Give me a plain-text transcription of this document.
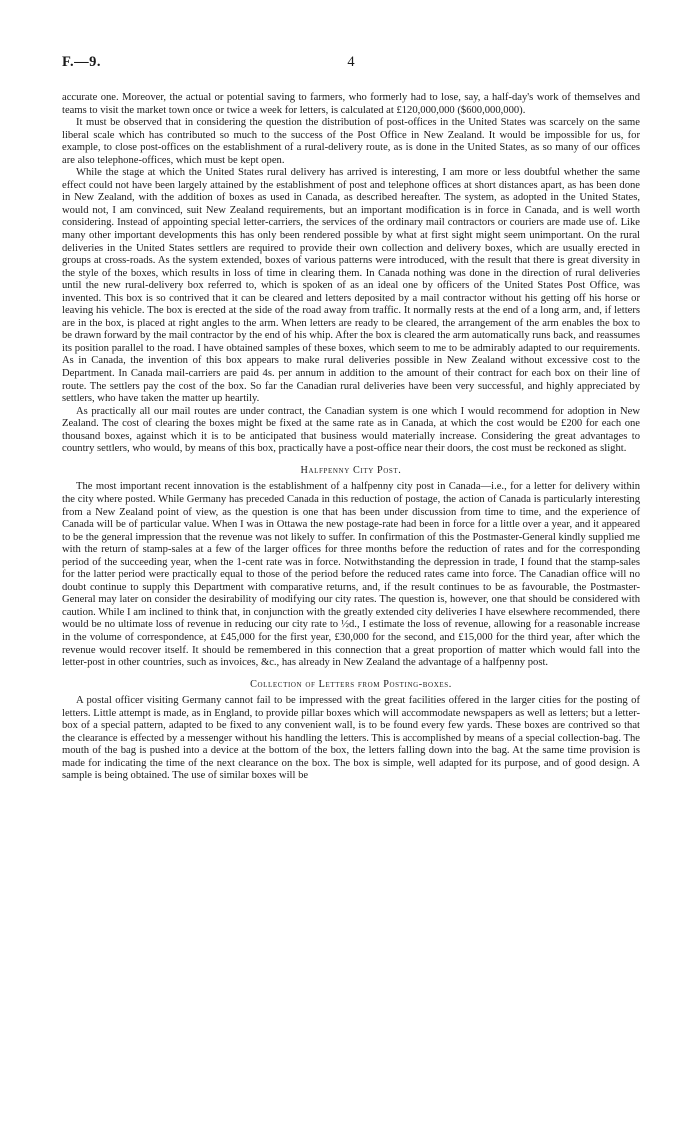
F.—9.	4

accurate one. Moreover, the actual or potential saving to farmers, who formerly had to lose, say, a half-day's work of themselves and teams to visit the market town once or twice a week for letters, is calculated at £120,000,000 ($600,000,000).

It must be observed that in considering the question the distribution of post-offices in the United States was scarcely on the same liberal scale which has contributed so much to the success of the Post Office in New Zealand. It would be impossible for us, for example, to close post-offices on the establishment of a rural-delivery route, as is done in the United States, as so many of our offices are also telephone-offices, which must be kept open.

While the stage at which the United States rural delivery has arrived is interesting, I am more or less doubtful whether the same effect could not have been largely attained by the establishment of post and telephone offices at short distances apart, as has been done in New Zealand, with the addition of boxes as used in Canada, as described hereafter. The system, as adopted in the United States, would not, I am convinced, suit New Zealand requirements, but an important modification is in force in Canada, and is well worth considering. Instead of appointing special letter-carriers, the services of the ordinary mail contractors or couriers are made use of. Like many other important developments this has only been rendered possible by what at first sight might seem unimportant. On the rural deliveries in the United States settlers are required to provide their own collection and delivery boxes, which are usually erected in groups at cross-roads. As the system extended, boxes of various patterns were introduced, with the result that there is great diversity in the style of the boxes, which results in loss of time in clearing them. In Canada nothing was done in the direction of rural deliveries until the new rural-delivery box referred to, which is spoken of as an ideal one by officers of the United States Post Office, was invented. This box is so contrived that it can be cleared and letters deposited by a mail contractor without his getting off his horse or leaving his vehicle. The box is erected at the side of the road away from traffic. It normally rests at the end of a long arm, and, if letters are in the box, is placed at right angles to the arm. When letters are ready to be cleared, the arrangement of the arm enables the box to be drawn forward by the mail contractor by the end of his whip. After the box is cleared the arm automatically runs back, and reassumes its position parallel to the road. I have obtained samples of these boxes, which seem to me to be admirably adapted to our requirements. As in Canada, the invention of this box appears to make rural deliveries possible in New Zealand without excessive cost to the Department. In Canada mail-carriers are paid 4s. per annum in addition to the amount of their contract for each box on their line of route. The settlers pay the cost of the box. So far the Canadian rural deliveries have been very successful, and highly appreciated by settlers, who have taken the matter up heartily.

As practically all our mail routes are under contract, the Canadian system is one which I would recommend for adoption in New Zealand. The cost of clearing the boxes might be fixed at the same rate as in Canada, at which the cost would be £200 for each one thousand boxes, against which it is to be anticipated that business would materially increase. Considering the great advantages to country settlers, who would, by means of this box, practically have a post-office near their doors, the cost must be reckoned as slight.

Halfpenny City Post.

The most important recent innovation is the establishment of a halfpenny city post in Canada—i.e., for a letter for delivery within the city where posted. While Germany has preceded Canada in this reduction of postage, the action of Canada is particularly interesting from a New Zealand point of view, as the question is one that has been under discussion from time to time, and the experience of Canada will be of particular value. When I was in Ottawa the new postage-rate had been in force for a little over a year, and it appeared to be the general impression that the revenue was not likely to suffer. In confirmation of this the Postmaster-General kindly supplied me with the return of stamp-sales at a few of the larger offices for three months before the reduction of rates and for the corresponding period of the succeeding year, when the 1-cent rate was in force. Notwithstanding the depression in trade, I found that the stamp-sales for the latter period were practically equal to those of the period before the reduced rates came into force. The Canadian office will no doubt continue to supply this Department with comparative returns, and, if the result continues to be as favourable, the Postmaster-General may later on consider the desirability of modifying our city rates. The question is, however, one that should be considered with caution. While I am inclined to think that, in conjunction with the greatly extended city deliveries I have elsewhere recommended, there would be no ultimate loss of revenue in reducing our city rate to ½d., I estimate the loss of revenue, allowing for a reasonable increase in the volume of correspondence, at £45,000 for the first year, £30,000 for the second, and £15,000 for the third year, after which the revenue would recover itself. It should be remembered in this connection that a great proportion of matter which would fall into the letter-post in other countries, such as invoices, &c., has already in New Zealand the advantage of a halfpenny post.

Collection of Letters from Posting-boxes.

A postal officer visiting Germany cannot fail to be impressed with the great facilities offered in the larger cities for the posting of letters. Little attempt is made, as in England, to provide pillar boxes which will accommodate newspapers as well as letters; but a letter-box of a special pattern, adapted to be fixed to any convenient wall, is to be found every few yards. These boxes are contrived so that the clearance is effected by a messenger without his handling the letters. This is accomplished by means of a special collection-bag. The mouth of the bag is pushed into a device at the bottom of the box, the letters falling down into the bag. At the same time provision is made for indicating the time of the next clearance on the box. The box is simple, well adapted for its purpose, and of good design. A sample is being obtained. The use of similar boxes will be
